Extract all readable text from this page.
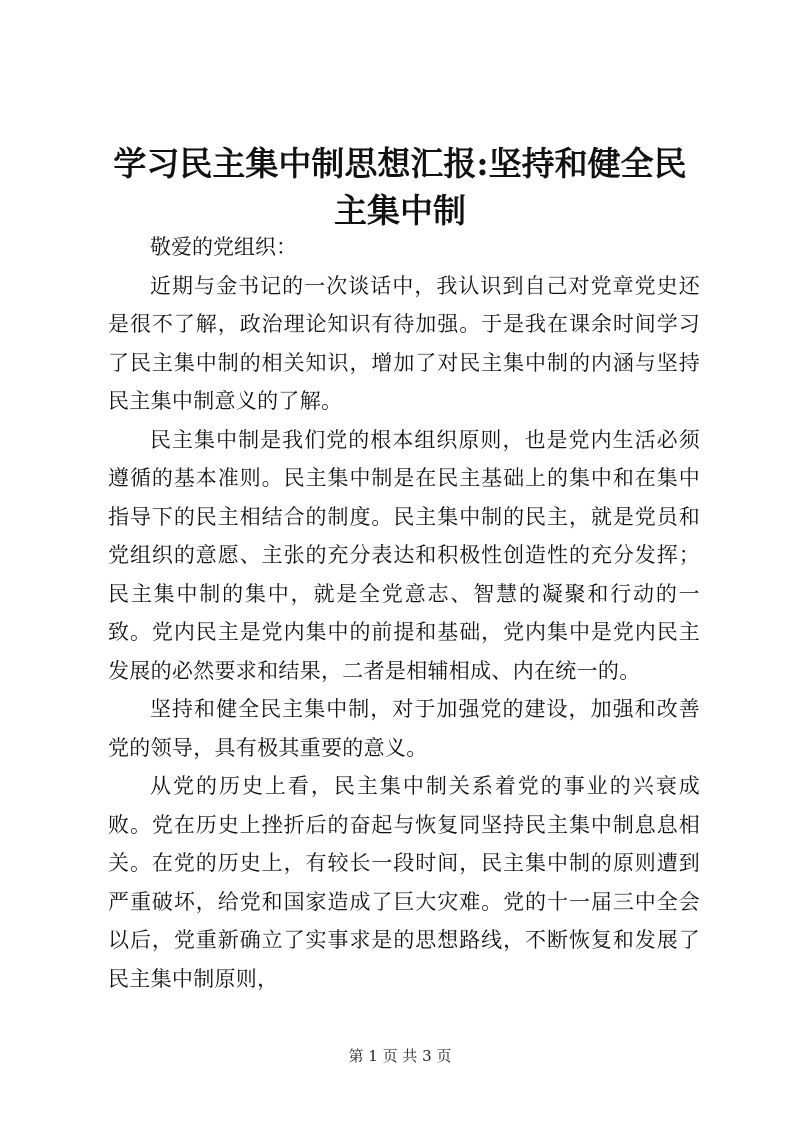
学习民主集中制思想汇报:坚持和健全民主集中制

敬爱的党组织：

近期与金书记的一次谈话中，我认识到自己对党章党史还是很不了解，政治理论知识有待加强。于是我在课余时间学习了民主集中制的相关知识，增加了对民主集中制的内涵与坚持民主集中制意义的了解。

民主集中制是我们党的根本组织原则，也是党内生活必须遵循的基本准则。民主集中制是在民主基础上的集中和在集中指导下的民主相结合的制度。民主集中制的民主，就是党员和党组织的意愿、主张的充分表达和积极性创造性的充分发挥；民主集中制的集中，就是全党意志、智慧的凝聚和行动的一致。党内民主是党内集中的前提和基础，党内集中是党内民主发展的必然要求和结果，二者是相辅相成、内在统一的。

坚持和健全民主集中制，对于加强党的建设，加强和改善党的领导，具有极其重要的意义。

从党的历史上看，民主集中制关系着党的事业的兴衰成败。党在历史上挫折后的奋起与恢复同坚持民主集中制息息相关。在党的历史上，有较长一段时间，民主集中制的原则遭到严重破坏，给党和国家造成了巨大灾难。党的十一届三中全会以后，党重新确立了实事求是的思想路线，不断恢复和发展了民主集中制原则，

第 1 页 共 3 页
